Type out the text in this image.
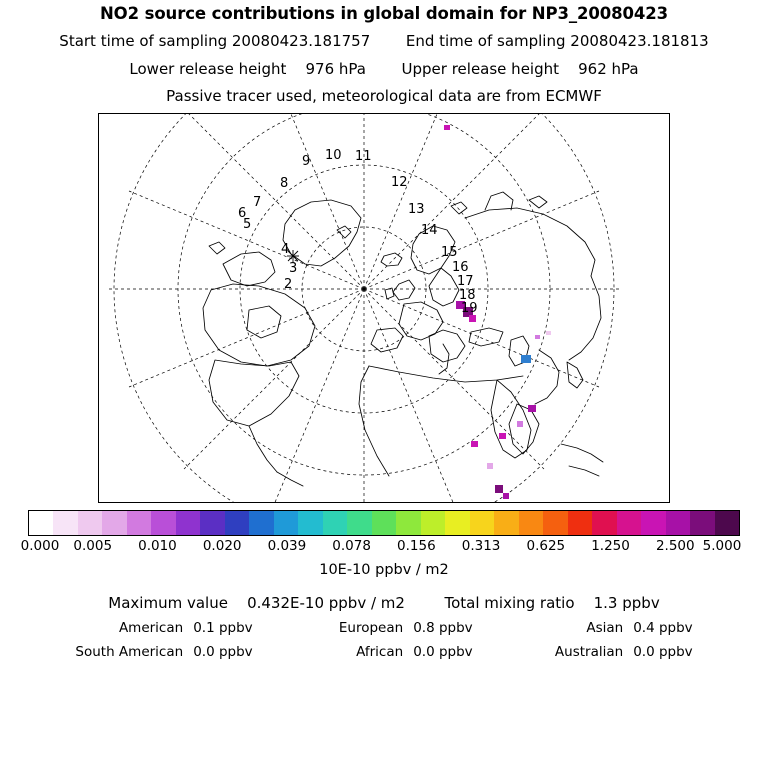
NO2 source contributions in global domain for NP3_20080423
Start time of sampling 20080423.181757 End time of sampling 20080423.181813
Lower release height 976 hPa Upper release height 962 hPa
Passive tracer used, meteorological data are from ECMWF
2
3
4
5
6
7
8
9 10 11
12
13
14
15
16
17
18
19
0.000 0.005 0.010 0.020 0.039 0.078 0.156 0.313 0.625 1.250 2.500 5.000
10E-10 ppbv / m2
Maximum value 0.432E-10 ppbv / m2	Total mixing ratio 1.3 ppbv
American 0.1 ppbv	European 0.8 ppbv	Asian 0.4 ppbv
South American 0.0 ppbv	African 0.0 ppbv	Australian 0.0 ppbv
